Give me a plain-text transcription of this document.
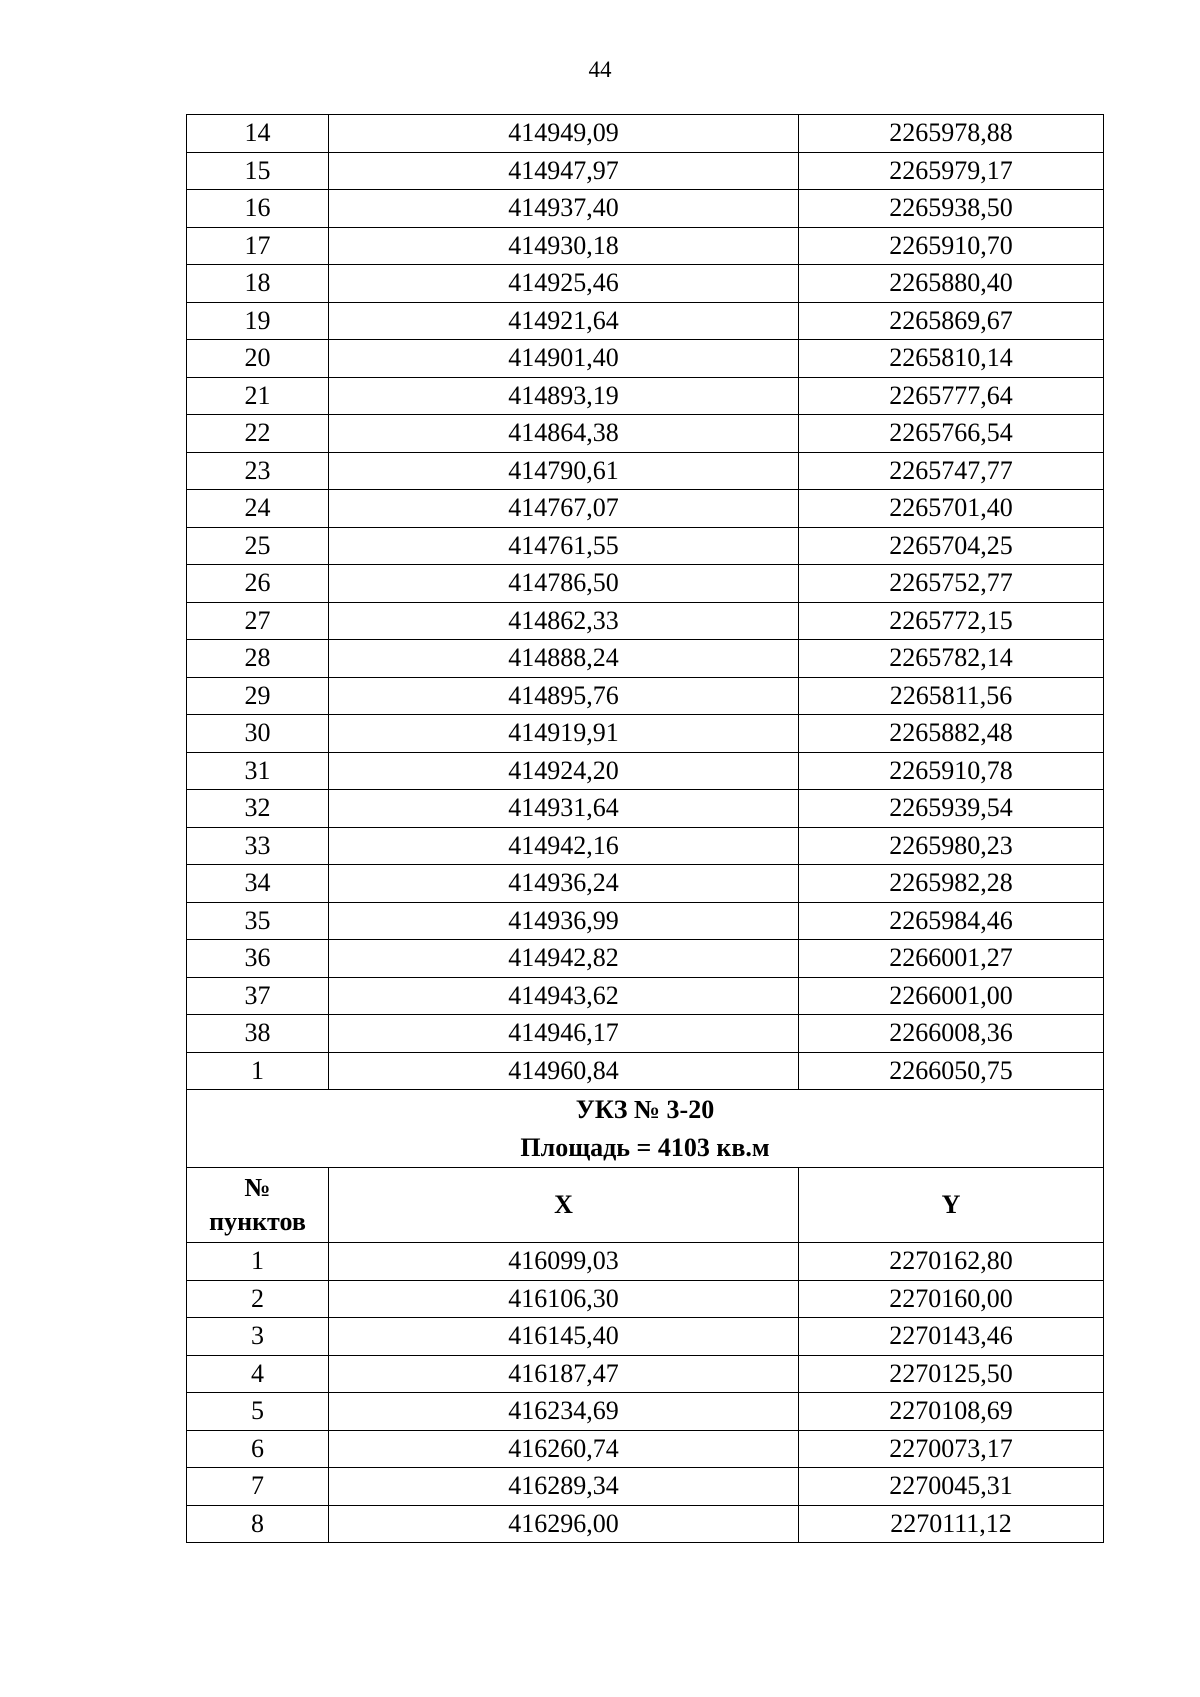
44
14	414949,09	2265978,88
15	414947,97	2265979,17
16	414937,40	2265938,50
17	414930,18	2265910,70
18	414925,46	2265880,40
19	414921,64	2265869,67
20	414901,40	2265810,14
21	414893,19	2265777,64
22	414864,38	2265766,54
23	414790,61	2265747,77
24	414767,07	2265701,40
25	414761,55	2265704,25
26	414786,50	2265752,77
27	414862,33	2265772,15
28	414888,24	2265782,14
29	414895,76	2265811,56
30	414919,91	2265882,48
31	414924,20	2265910,78
32	414931,64	2265939,54
33	414942,16	2265980,23
34	414936,24	2265982,28
35	414936,99	2265984,46
36	414942,82	2266001,27
37	414943,62	2266001,00
38	414946,17	2266008,36
1	414960,84	2266050,75

УКЗ № 3-20
Площадь = 4103 кв.м		

№
пунктов	X	Y
1	416099,03	2270162,80
2	416106,30	2270160,00
3	416145,40	2270143,46
4	416187,47	2270125,50
5	416234,69	2270108,69
6	416260,74	2270073,17
7	416289,34	2270045,31
8	416296,00	2270111,12
